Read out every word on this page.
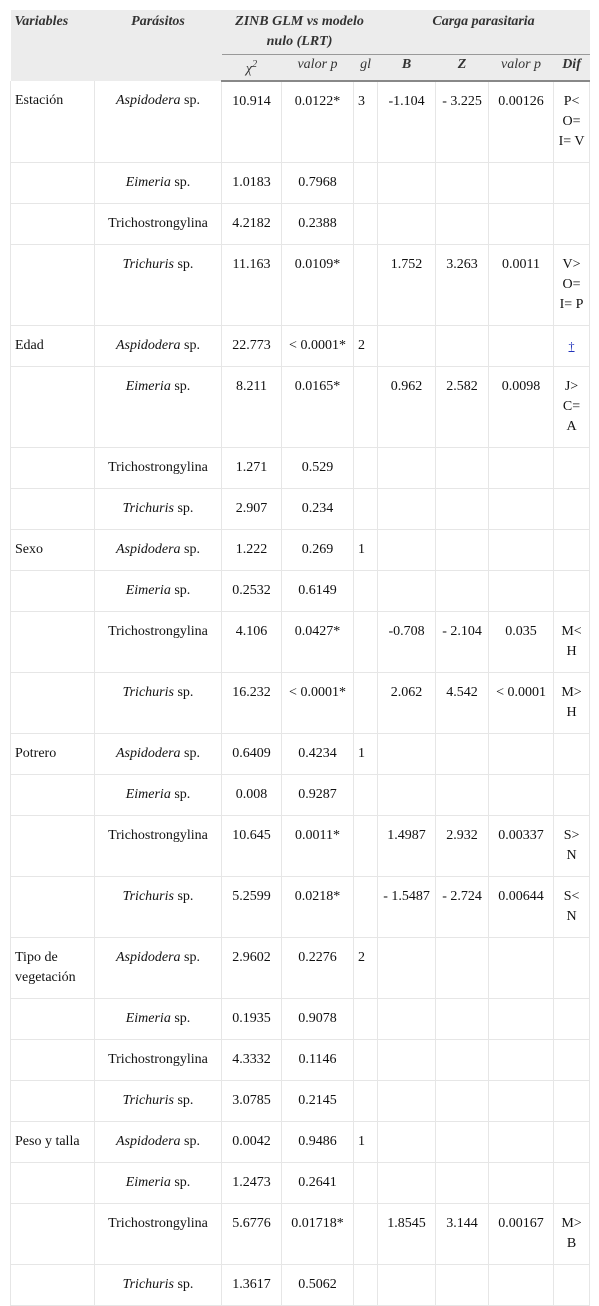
Variables	Parásitos	ZINB GLM vs modelo nulo (LRT)			Carga parasitaria			
		$\chi^2$	valor p	gl	B	Z	valor p	Dif
Estación	Aspidodera sp.	10.914	0.0122*	3	-1.104	- 3.225	0.00126	P< O= I= V
	Eimeria sp.	1.0183	0.7968					
	Trichostrongylina	4.2182	0.2388					
	Trichuris sp.	11.163	0.0109*		1.752	3.263	0.0011	V> O= I= P
Edad	Aspidodera sp.	22.773	< 0.0001*	2				†
	Eimeria sp.	8.211	0.0165*		0.962	2.582	0.0098	J> C= A
	Trichostrongylina	1.271	0.529					
	Trichuris sp.	2.907	0.234					
Sexo	Aspidodera sp.	1.222	0.269	1				
	Eimeria sp.	0.2532	0.6149					
	Trichostrongylina	4.106	0.0427*		-0.708	- 2.104	0.035	M< H
	Trichuris sp.	16.232	< 0.0001*		2.062	4.542	< 0.0001	M> H
Potrero	Aspidodera sp.	0.6409	0.4234	1				
	Eimeria sp.	0.008	0.9287					
	Trichostrongylina	10.645	0.0011*		1.4987	2.932	0.00337	S> N
	Trichuris sp.	5.2599	0.0218*		- 1.5487	- 2.724	0.00644	S< N
Tipo de vegetación	Aspidodera sp.	2.9602	0.2276	2				
	Eimeria sp.	0.1935	0.9078					
	Trichostrongylina	4.3332	0.1146					
	Trichuris sp.	3.0785	0.2145					
Peso y talla	Aspidodera sp.	0.0042	0.9486	1				
	Eimeria sp.	1.2473	0.2641					
	Trichostrongylina	5.6776	0.01718*		1.8545	3.144	0.00167	M> B
	Trichuris sp.	1.3617	0.5062					
